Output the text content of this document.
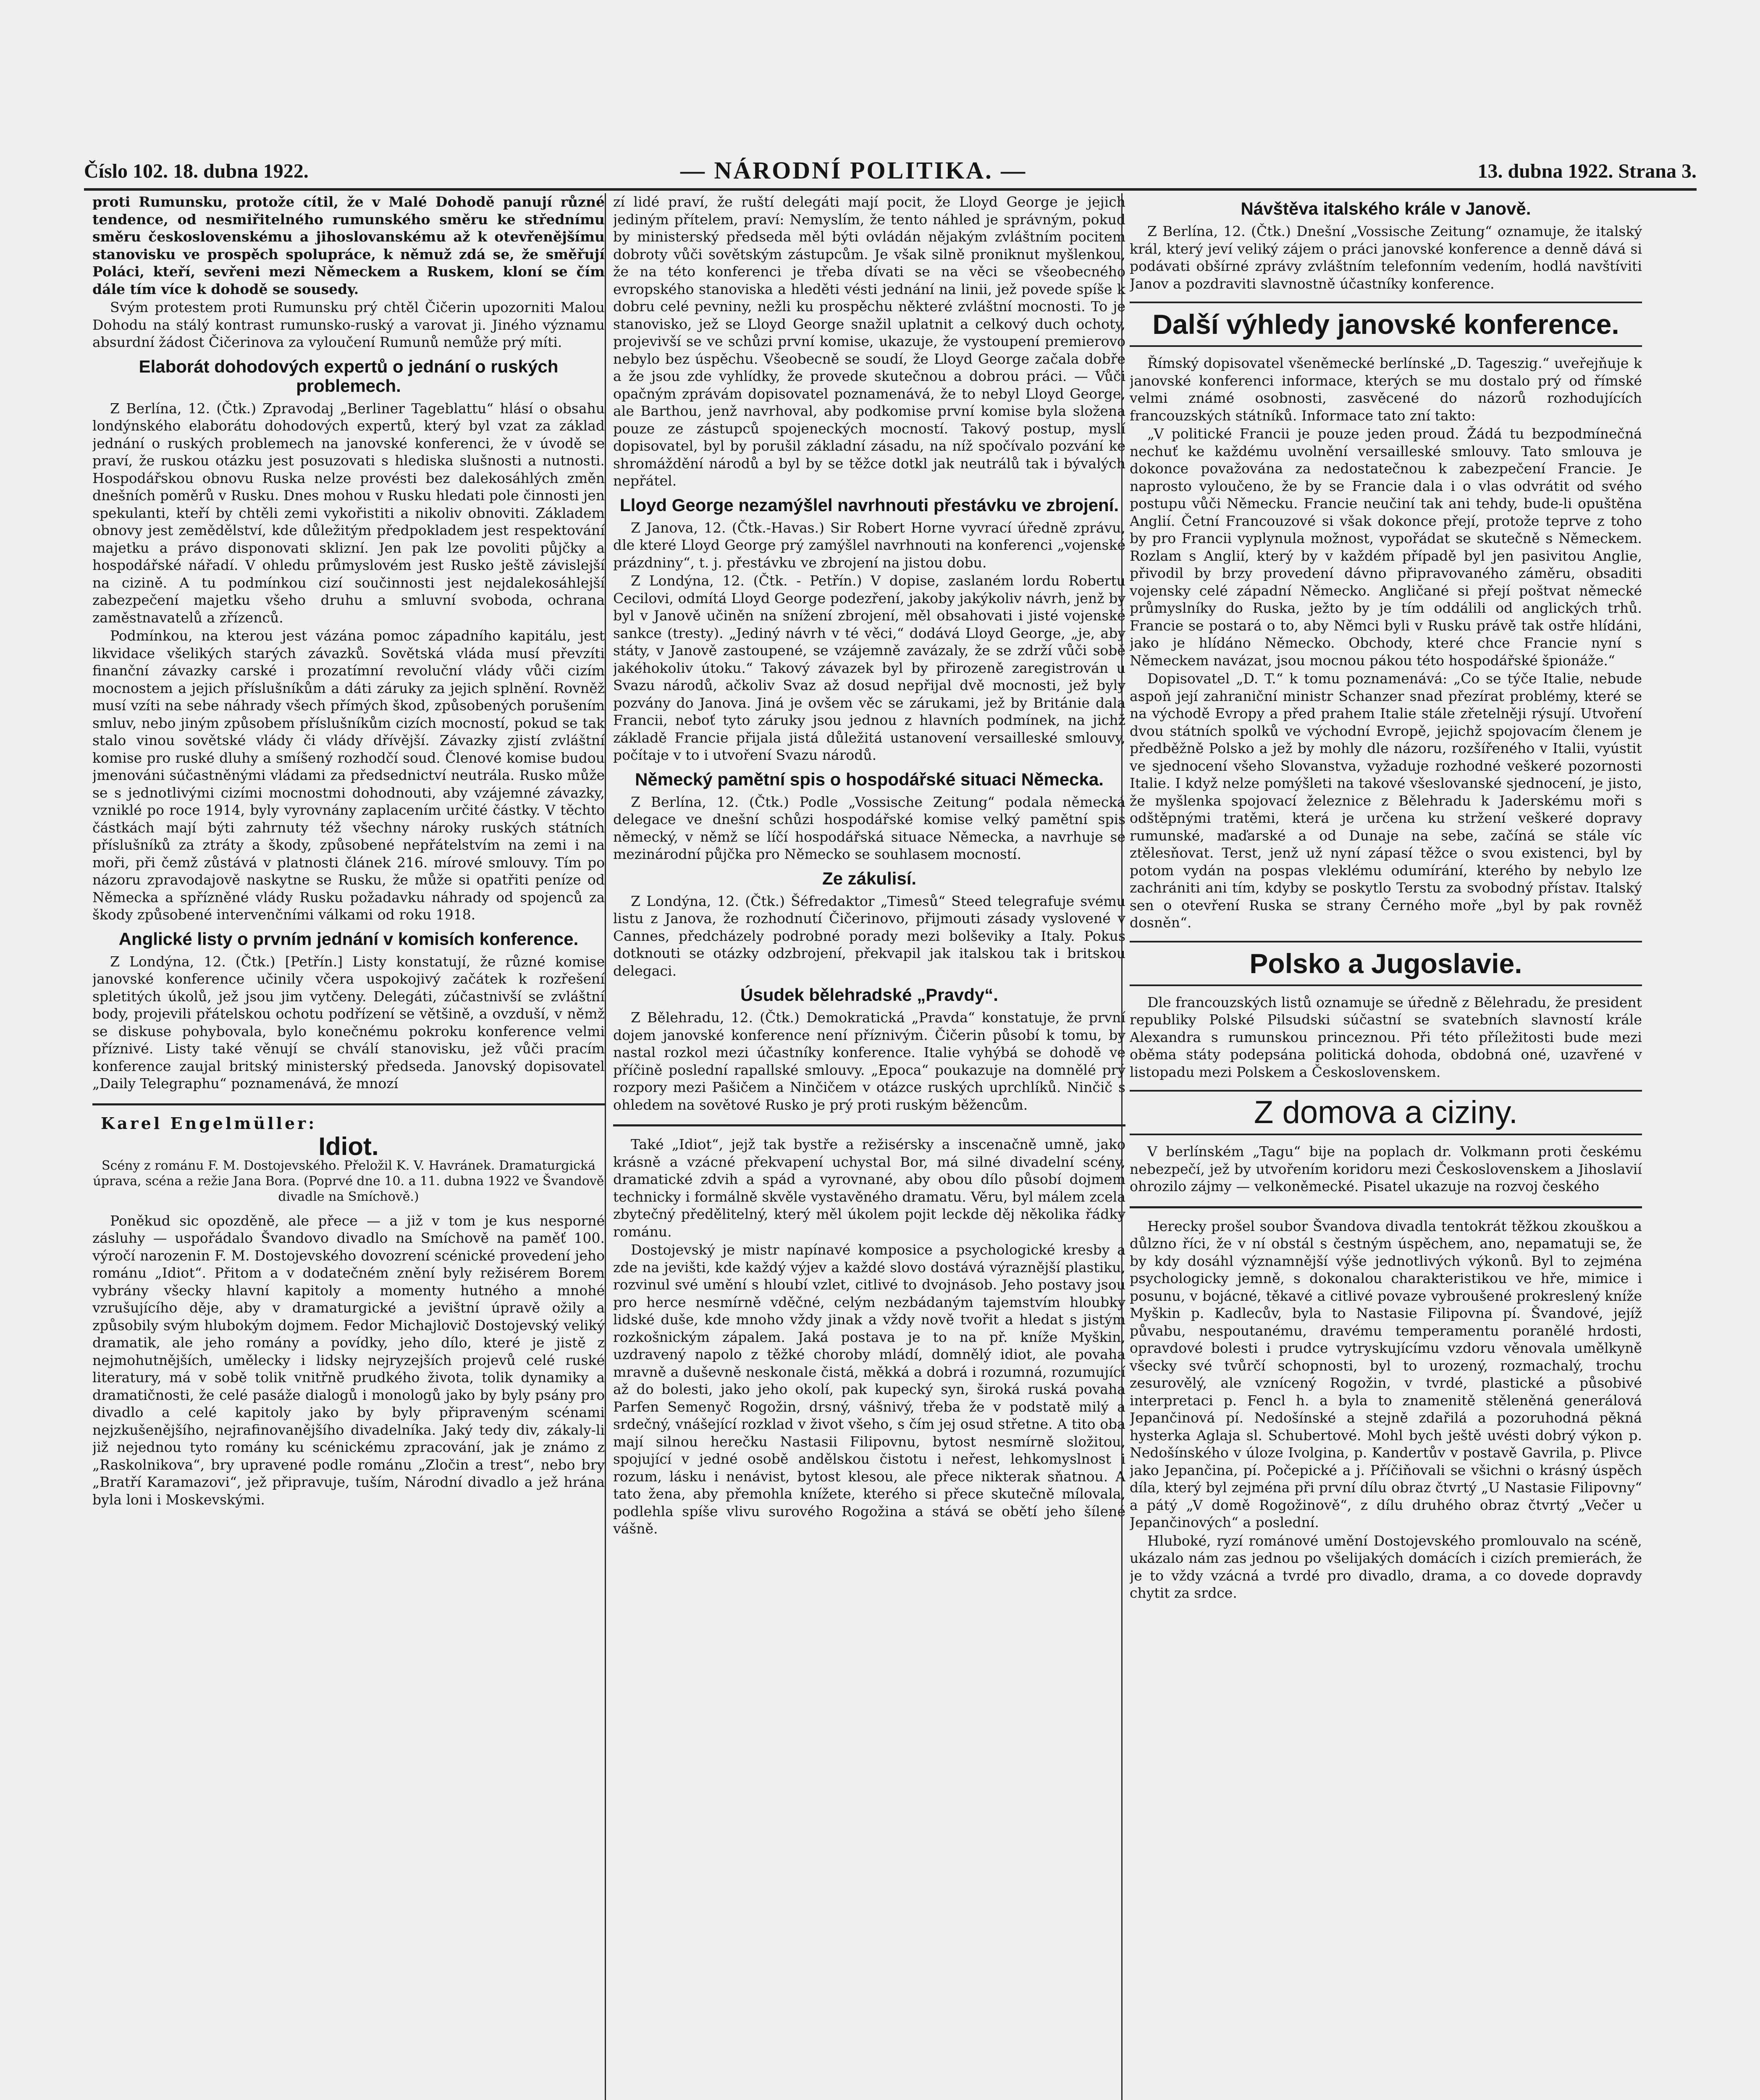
Číslo 102. 18. dubna 1922.	— NÁRODNÍ POLITIKA. —	13. dubna 1922. Strana 3.

proti Rumunsku, protože cítil, že v Malé Dohodě panují různé tendence, od nesmiřitelného rumunského směru ke střednímu směru československému a jihoslovanskému až k otevřenějšímu stanovisku ve prospěch spolupráce, k němuž zdá se, že směřují Poláci, kteří, sevřeni mezi Německem a Ruskem, kloní se čím dále tím více k dohodě se sousedy.

Svým protestem proti Rumunsku prý chtěl Čičerin upozorniti Malou Dohodu na stálý kontrast rumunsko-ruský a varovat ji. Jiného významu absurdní žádost Čičerinova za vyloučení Rumunů nemůže prý míti.

Elaborát dohodových expertů o jednání o ruských problemech.

Z Berlína, 12. (Čtk.) Zpravodaj „Berliner Tageblattu“ hlásí o obsahu londýnského elaborátu dohodových expertů, který byl vzat za základ jednání o ruských problemech na janovské konferenci, že v úvodě se praví, že ruskou otázku jest posuzovati s hlediska slušnosti a nutnosti. Hospodářskou obnovu Ruska nelze provésti bez dalekosáhlých změn dnešních poměrů v Rusku. Dnes mohou v Rusku hledati pole činnosti jen spekulanti, kteří by chtěli zemi vykořistiti a nikoliv obnoviti. Základem obnovy jest zemědělství, kde důležitým předpokladem jest respektování majetku a právo disponovati sklizní. Jen pak lze povoliti půjčky a hospodářské nářadí. V ohledu průmyslovém jest Rusko ještě závislejší na cizině. A tu podmínkou cizí součinnosti jest nejdalekosáhlejší zabezpečení majetku všeho druhu a smluvní svoboda, ochrana zaměstnavatelů a zřízenců.

Podmínkou, na kterou jest vázána pomoc západního kapitálu, jest likvidace všelikých starých závazků. Sovětská vláda musí převzíti finanční závazky carské i prozatímní revoluční vlády vůči cizím mocnostem a jejich příslušníkům a dáti záruky za jejich splnění. Rovněž musí vzíti na sebe náhrady všech přímých škod, způsobených porušením smluv, nebo jiným způsobem příslušníkům cizích mocností, pokud se tak stalo vinou sovětské vlády či vlády dřívější. Závazky zjistí zvláštní komise pro ruské dluhy a smíšený rozhodčí soud. Členové komise budou jmenováni súčastněnými vládami za předsednictví neutrála. Rusko může se s jednotlivými cizími mocnostmi dohodnouti, aby vzájemné závazky, vzniklé po roce 1914, byly vyrovnány zaplacením určité částky. V těchto částkách mají býti zahrnuty též všechny nároky ruských státních příslušníků za ztráty a škody, způsobené nepřátelstvím na zemi i na moři, při čemž zůstává v platnosti článek 216. mírové smlouvy. Tím po názoru zpravodajově naskytne se Rusku, že může si opatřiti peníze od Německa a spřízněné vlády Rusku požadavku náhrady od spojenců za škody způsobené intervenčními válkami od roku 1918.

Anglické listy o prvním jednání v komisích konference.

Z Londýna, 12. (Čtk.) [Petřín.] Listy konstatují, že různé komise janovské konference učinily včera uspokojivý začátek k rozřešení spletitých úkolů, jež jsou jim vytčeny. Delegáti, zúčastnivší se zvláštní body, projevili přátelskou ochotu podřízení se většině, a ovzduší, v němž se diskuse pohybovala, bylo konečnému pokroku konference velmi příznivé. Listy také věnují se chválí stanovisku, jež vůči pracím konference zaujal britský ministerský předseda. Janovský dopisovatel „Daily Telegraphu“ poznamenává, že mnozí

Karel Engelmüller:
Idiot.
Scény z románu F. M. Dostojevského. Přeložil K. V. Havránek. Dramaturgická úprava, scéna a režie Jana Bora. (Poprvé dne 10. a 11. dubna 1922 ve Švandově divadle na Smíchově.)

Poněkud sic opozděně, ale přece — a již v tom je kus nesporné zásluhy — uspořádalo Švandovo divadlo na Smíchově na paměť 100. výročí narozenin F. M. Dostojevského dovozrení scénické provedení jeho románu „Idiot“. Přitom a v dodatečném znění byly režisérem Borem vybrány všecky hlavní kapitoly a momenty hutného a mnohé vzrušujícího děje, aby v dramaturgické a jevištní úpravě ožily a způsobily svým hlubokým dojmem. Fedor Michajlovič Dostojevský veliký dramatik, ale jeho romány a povídky, jeho dílo, které je jistě z nejmohutnějších, umělecky i lidsky nejryzejších projevů celé ruské literatury, má v sobě tolik vnitřně prudkého života, tolik dynamiky a dramatičnosti, že celé pasáže dialogů i monologů jako by byly psány pro divadlo a celé kapitoly jako by byly připraveným scénami nejzkušenějšího, nejrafinovanějšího divadelníka. Jaký tedy div, zákaly-li již nejednou tyto romány ku scénickému zpracování, jak je známo z „Raskolnikova“, bry upravené podle románu „Zločin a trest“, nebo bry „Bratří Karamazovi“, jež připravuje, tuším, Národní divadlo a jež hrána byla loni i Moskevskými.

zí lidé praví, že ruští delegáti mají pocit, že Lloyd George je jejich jediným přítelem, praví: Nemyslím, že tento náhled je správným, pokud by ministerský předseda měl býti ovládán nějakým zvláštním pocitem dobroty vůči sovětským zástupcům. Je však silně proniknut myšlenkou, že na této konferenci je třeba dívati se na věci se všeobecného evropského stanoviska a hleděti vésti jednání na linii, jež povede spíše k dobru celé pevniny, nežli ku prospěchu některé zvláštní mocnosti. To je stanovisko, jež se Lloyd George snažil uplatnit a celkový duch ochoty, projevivší se ve schůzi první komise, ukazuje, že vystoupení premierovo nebylo bez úspěchu. Všeobecně se soudí, že Lloyd George začala dobře a že jsou zde vyhlídky, že provede skutečnou a dobrou práci. — Vůči opačným zprávám dopisovatel poznamenává, že to nebyl Lloyd George, ale Barthou, jenž navrhoval, aby podkomise první komise byla složena pouze ze zástupců spojeneckých mocností. Takový postup, myslí dopisovatel, byl by porušil základní zásadu, na níž spočívalo pozvání ke shromáždění národů a byl by se těžce dotkl jak neutrálů tak i bývalých nepřátel.

Lloyd George nezamýšlel navrhnouti přestávku ve zbrojení.

Z Janova, 12. (Čtk.-Havas.) Sir Robert Horne vyvrací úředně zprávu, dle které Lloyd George prý zamýšlel navrhnouti na konferenci „vojenské prázdniny“, t. j. přestávku ve zbrojení na jistou dobu.

Z Londýna, 12. (Čtk. - Petřín.) V dopise, zaslaném lordu Robertu Cecilovi, odmítá Lloyd George podezření, jakoby jakýkoliv návrh, jenž by byl v Janově učiněn na snížení zbrojení, měl obsahovati i jisté vojenské sankce (tresty). „Jediný návrh v té věci,“ dodává Lloyd George, „je, aby státy, v Janově zastoupené, se vzájemně zavázaly, že se zdrží vůči sobě jakéhokoliv útoku.“ Takový závazek byl by přirozeně zaregistrován u Svazu národů, ačkoliv Svaz až dosud nepřijal dvě mocnosti, jež byly pozvány do Janova. Jiná je ovšem věc se zárukami, jež by Británie dala Francii, neboť tyto záruky jsou jednou z hlavních podmínek, na jichž základě Francie přijala jistá důležitá ustanovení versailleské smlouvy, počítaje v to i utvoření Svazu národů.

Německý pamětní spis o hospodářské situaci Německa.

Z Berlína, 12. (Čtk.) Podle „Vossische Zeitung“ podala německá delegace ve dnešní schůzi hospodářské komise velký pamětní spis německý, v němž se líčí hospodářská situace Německa, a navrhuje se mezinárodní půjčka pro Německo se souhlasem mocností.

Ze zákulisí.

Z Londýna, 12. (Čtk.) Šéfredaktor „Timesů“ Steed telegrafuje svému listu z Janova, že rozhodnutí Čičerinovo, přijmouti zásady vyslovené v Cannes, předcházely podrobné porady mezi bolševiky a Italy. Pokus dotknouti se otázky odzbrojení, překvapil jak italskou tak i britskou delegaci.

Úsudek bělehradské „Pravdy“.

Z Bělehradu, 12. (Čtk.) Demokratická „Pravda“ konstatuje, že první dojem janovské konference není příznivým. Čičerin působí k tomu, by nastal rozkol mezi účastníky konference. Italie vyhýbá se dohodě ve příčině poslední rapallské smlouvy. „Epoca“ poukazuje na domnělé prý rozpory mezi Pašičem a Ninčičem v otázce ruských uprchlíků. Ninčič s ohledem na sovětové Rusko je prý proti ruským běžencům.

Také „Idiot“, jejž tak bystře a režisérsky a inscenačně umně, jako krásně a vzácné překvapení uchystal Bor, má silné divadelní scény, dramatické zdvih a spád a vyrovnané, aby obou dílo působí dojmem technicky i formálně skvěle vystavěného dramatu. Věru, byl málem zcela zbytečný předělitelný, který měl úkolem pojit leckde děj několika řádky románu.

Dostojevský je mistr napínavé komposice a psychologické kresby a zde na jevišti, kde každý výjev a každé slovo dostává výraznější plastiku, rozvinul své umění s hloubí vzlet, citlivé to dvojnásob. Jeho postavy jsou pro herce nesmírně vděčné, celým nezbádaným tajemstvím hloubky lidské duše, kde mnoho vždy jinak a vždy nově tvořit a hledat s jistým rozkošnickým zápalem. Jaká postava je to na př. kníže Myškin, uzdravený napolo z těžké choroby mládí, domnělý idiot, ale povaha mravně a duševně neskonale čistá, měkká a dobrá i rozumná, rozumující až do bolesti, jako jeho okolí, pak kupecký syn, široká ruská povaha Parfen Semenyč Rogožin, drsný, vášnivý, třeba že v podstatě milý a srdečný, vnášející rozklad v život všeho, s čím jej osud střetne. A tito oba mají silnou herečku Nastasii Filipovnu, bytost nesmírně složitou, spojující v jedné osobě andělskou čistotu i neřest, lehkomyslnost i rozum, lásku i nenávist, bytost klesou, ale přece nikterak sňatnou. A tato žena, aby přemohla knížete, kterého si přece skutečně mílovala, podlehla spíše vlivu surového Rogožina a stává se obětí jeho šílené vášně.

Návštěva italského krále v Janově.

Z Berlína, 12. (Čtk.) Dnešní „Vossische Zeitung“ oznamuje, že italský král, který jeví veliký zájem o práci janovské konference a denně dává si podávati obšírné zprávy zvláštním telefonním vedením, hodlá navštíviti Janov a pozdraviti slavnostně účastníky konference.

Další výhledy janovské konference.

Římský dopisovatel všeněmecké berlínské „D. Tageszig.“ uveřejňuje k janovské konferenci informace, kterých se mu dostalo prý od římské velmi známé osobnosti, zasvěcené do názorů rozhodujících francouzských státníků. Informace tato zní takto:

„V politické Francii je pouze jeden proud. Žádá tu bezpodmínečná nechuť ke každému uvolnění versailleské smlouvy. Tato smlouva je dokonce považována za nedostatečnou k zabezpečení Francie. Je naprosto vyloučeno, že by se Francie dala i o vlas odvrátit od svého postupu vůči Německu. Francie neučiní tak ani tehdy, bude-li opuštěna Anglií. Četní Francouzové si však dokonce přejí, protože teprve z toho by pro Francii vyplynula možnost, vypořádat se skutečně s Německem. Rozlam s Anglií, který by v každém případě byl jen pasivitou Anglie, přivodil by brzy provedení dávno připravovaného záměru, obsaditi vojensky celé západní Německo. Angličané si přejí poštvat německé průmyslníky do Ruska, ježto by je tím oddálili od anglických trhů. Francie se postará o to, aby Němci byli v Rusku právě tak ostře hlídáni, jako je hlídáno Německo. Obchody, které chce Francie nyní s Německem navázat, jsou mocnou pákou této hospodářské špionáže.“

Dopisovatel „D. T.“ k tomu poznamenává: „Co se týče Italie, nebude aspoň její zahraniční ministr Schanzer snad přezírat problémy, které se na východě Evropy a před prahem Italie stále zřetelněji rýsují. Utvoření dvou státních spolků ve východní Evropě, jejichž spojovacím členem je předběžně Polsko a jež by mohly dle názoru, rozšířeného v Italii, vyústit ve sjednocení všeho Slovanstva, vyžaduje rozhodné veškeré pozornosti Italie. I když nelze pomýšleti na takové všeslovanské sjednocení, je jisto, že myšlenka spojovací železnice z Bělehradu k Jaderskému moři s odštěpnými tratěmi, která je určena ku stržení veškeré dopravy rumunské, maďarské a od Dunaje na sebe, začíná se stále víc ztělesňovat. Terst, jenž už nyní zápasí těžce o svou existenci, byl by potom vydán na pospas vleklému odumírání, kterého by nebylo lze zachrániti ani tím, kdyby se poskytlo Terstu za svobodný přístav. Italský sen o otevření Ruska se strany Černého moře „byl by pak rovněž dosněn“.

Polsko a Jugoslavie.

Dle francouzských listů oznamuje se úředně z Bělehradu, že president republiky Polské Pilsudski súčastní se svatebních slavností krále Alexandra s rumunskou princeznou. Při této příležitosti bude mezi oběma státy podepsána politická dohoda, obdobná oné, uzavřené v listopadu mezi Polskem a Československem.

Z domova a ciziny.

V berlínském „Tagu“ bije na poplach dr. Volkmann proti českému nebezpečí, jež by utvořením koridoru mezi Československem a Jihoslavií ohrozilo zájmy — velkoněmecké. Pisatel ukazuje na rozvoj českého

Herecky prošel soubor Švandova divadla tentokrát těžkou zkouškou a důlzno říci, že v ní obstál s čestným úspěchem, ano, nepamatuji se, že by kdy dosáhl významnější výše jednotlivých výkonů. Byl to zejména psychologicky jemně, s dokonalou charakteristikou ve hře, mimice i posunu, v bojácné, těkavé a citlivé povaze vybroušené prokreslený kníže Myškin p. Kadlecův, byla to Nastasie Filipovna pí. Švandové, jejíž půvabu, nespoutanému, dravému temperamentu poranělé hrdosti, opravdové bolesti i prudce vytryskujícímu vzdoru věnovala umělkyně všecky své tvůrčí schopnosti, byl to urozený, rozmachalý, trochu zesurovělý, ale vznícený Rogožin, v tvrdé, plastické a působivé interpretaci p. Fencl h. a byla to znamenitě stěleněná generálová Jepančinová pí. Nedošínské a stejně zdařilá a pozoruhodná pěkná hysterka Aglaja sl. Schubertové. Mohl bych ještě uvésti dobrý výkon p. Nedošínského v úloze Ivolgina, p. Kandertův v postavě Gavrila, p. Plivce jako Jepančina, pí. Počepické a j. Příčiňovali se všichni o krásný úspěch díla, který byl zejména při první dílu obraz čtvrtý „U Nastasie Filipovny“ a pátý „V domě Rogožinově“, z dílu druhého obraz čtvrtý „Večer u Jepančinových“ a poslední.

Hluboké, ryzí románové umění Dostojevského promlouvalo na scéně, ukázalo nám zas jednou po všelijakých domácích i cizích premierách, že je to vždy vzácná a tvrdé pro divadlo, drama, a co dovede dopravdy chytit za srdce.
